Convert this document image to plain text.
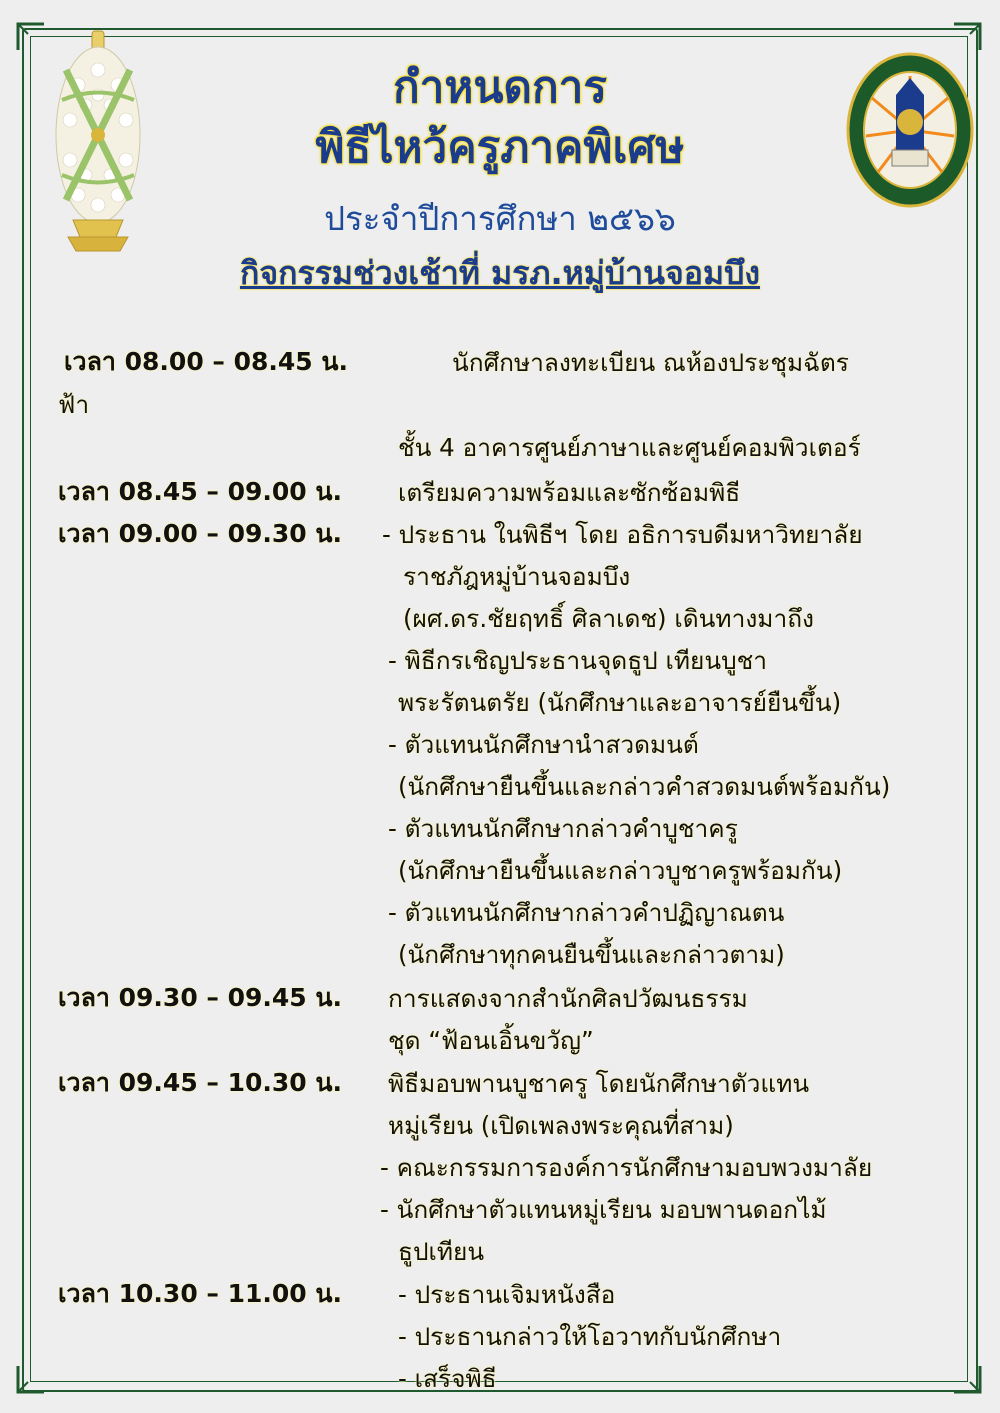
กำหนดการ
พิธีไหว้ครูภาคพิเศษ
ประจำปีการศึกษา ๒๕๖๖
กิจกรรมช่วงเช้าที่ มรภ.หมู่บ้านจอมบึง
เวลา 08.00 – 08.45 น.	นักศึกษาลงทะเบียน ณห้องประชุมฉัตร
ฟ้า
ชั้น 4 อาคารศูนย์ภาษาและศูนย์คอมพิวเตอร์
เวลา 08.45 – 09.00 น. เตรียมความพร้อมและซักซ้อมพิธี
เวลา 09.00 – 09.30 น. - ประธาน ในพิธีฯ โดย อธิการบดีมหาวิทยาลัย
ราชภัฎหมู่บ้านจอมบึง
(ผศ.ดร.ชัยฤทธิ์ ศิลาเดช) เดินทางมาถึง
- พิธีกรเชิญประธานจุดธูป เทียนบูชา
พระรัตนตรัย (นักศึกษาและอาจารย์ยืนขึ้น)
- ตัวแทนนักศึกษานำสวดมนต์
(นักศึกษายืนขึ้นและกล่าวคำสวดมนต์พร้อมกัน)
- ตัวแทนนักศึกษากล่าวคำบูชาครู
(นักศึกษายืนขึ้นและกล่าวบูชาครูพร้อมกัน)
- ตัวแทนนักศึกษากล่าวคำปฏิญาณตน
(นักศึกษาทุกคนยืนขึ้นและกล่าวตาม)
เวลา 09.30 – 09.45 น. การแสดงจากสำนักศิลปวัฒนธรรม
ชุด “ฟ้อนเอิ้นขวัญ”
เวลา 09.45 – 10.30 น. พิธีมอบพานบูชาครู โดยนักศึกษาตัวแทน
หมู่เรียน (เปิดเพลงพระคุณที่สาม)
- คณะกรรมการองค์การนักศึกษามอบพวงมาลัย
- นักศึกษาตัวแทนหมู่เรียน มอบพานดอกไม้
ธูปเทียน
เวลา 10.30 – 11.00 น. - ประธานเจิมหนังสือ
- ประธานกล่าวให้โอวาทกับนักศึกษา
- เสร็จพิธี
